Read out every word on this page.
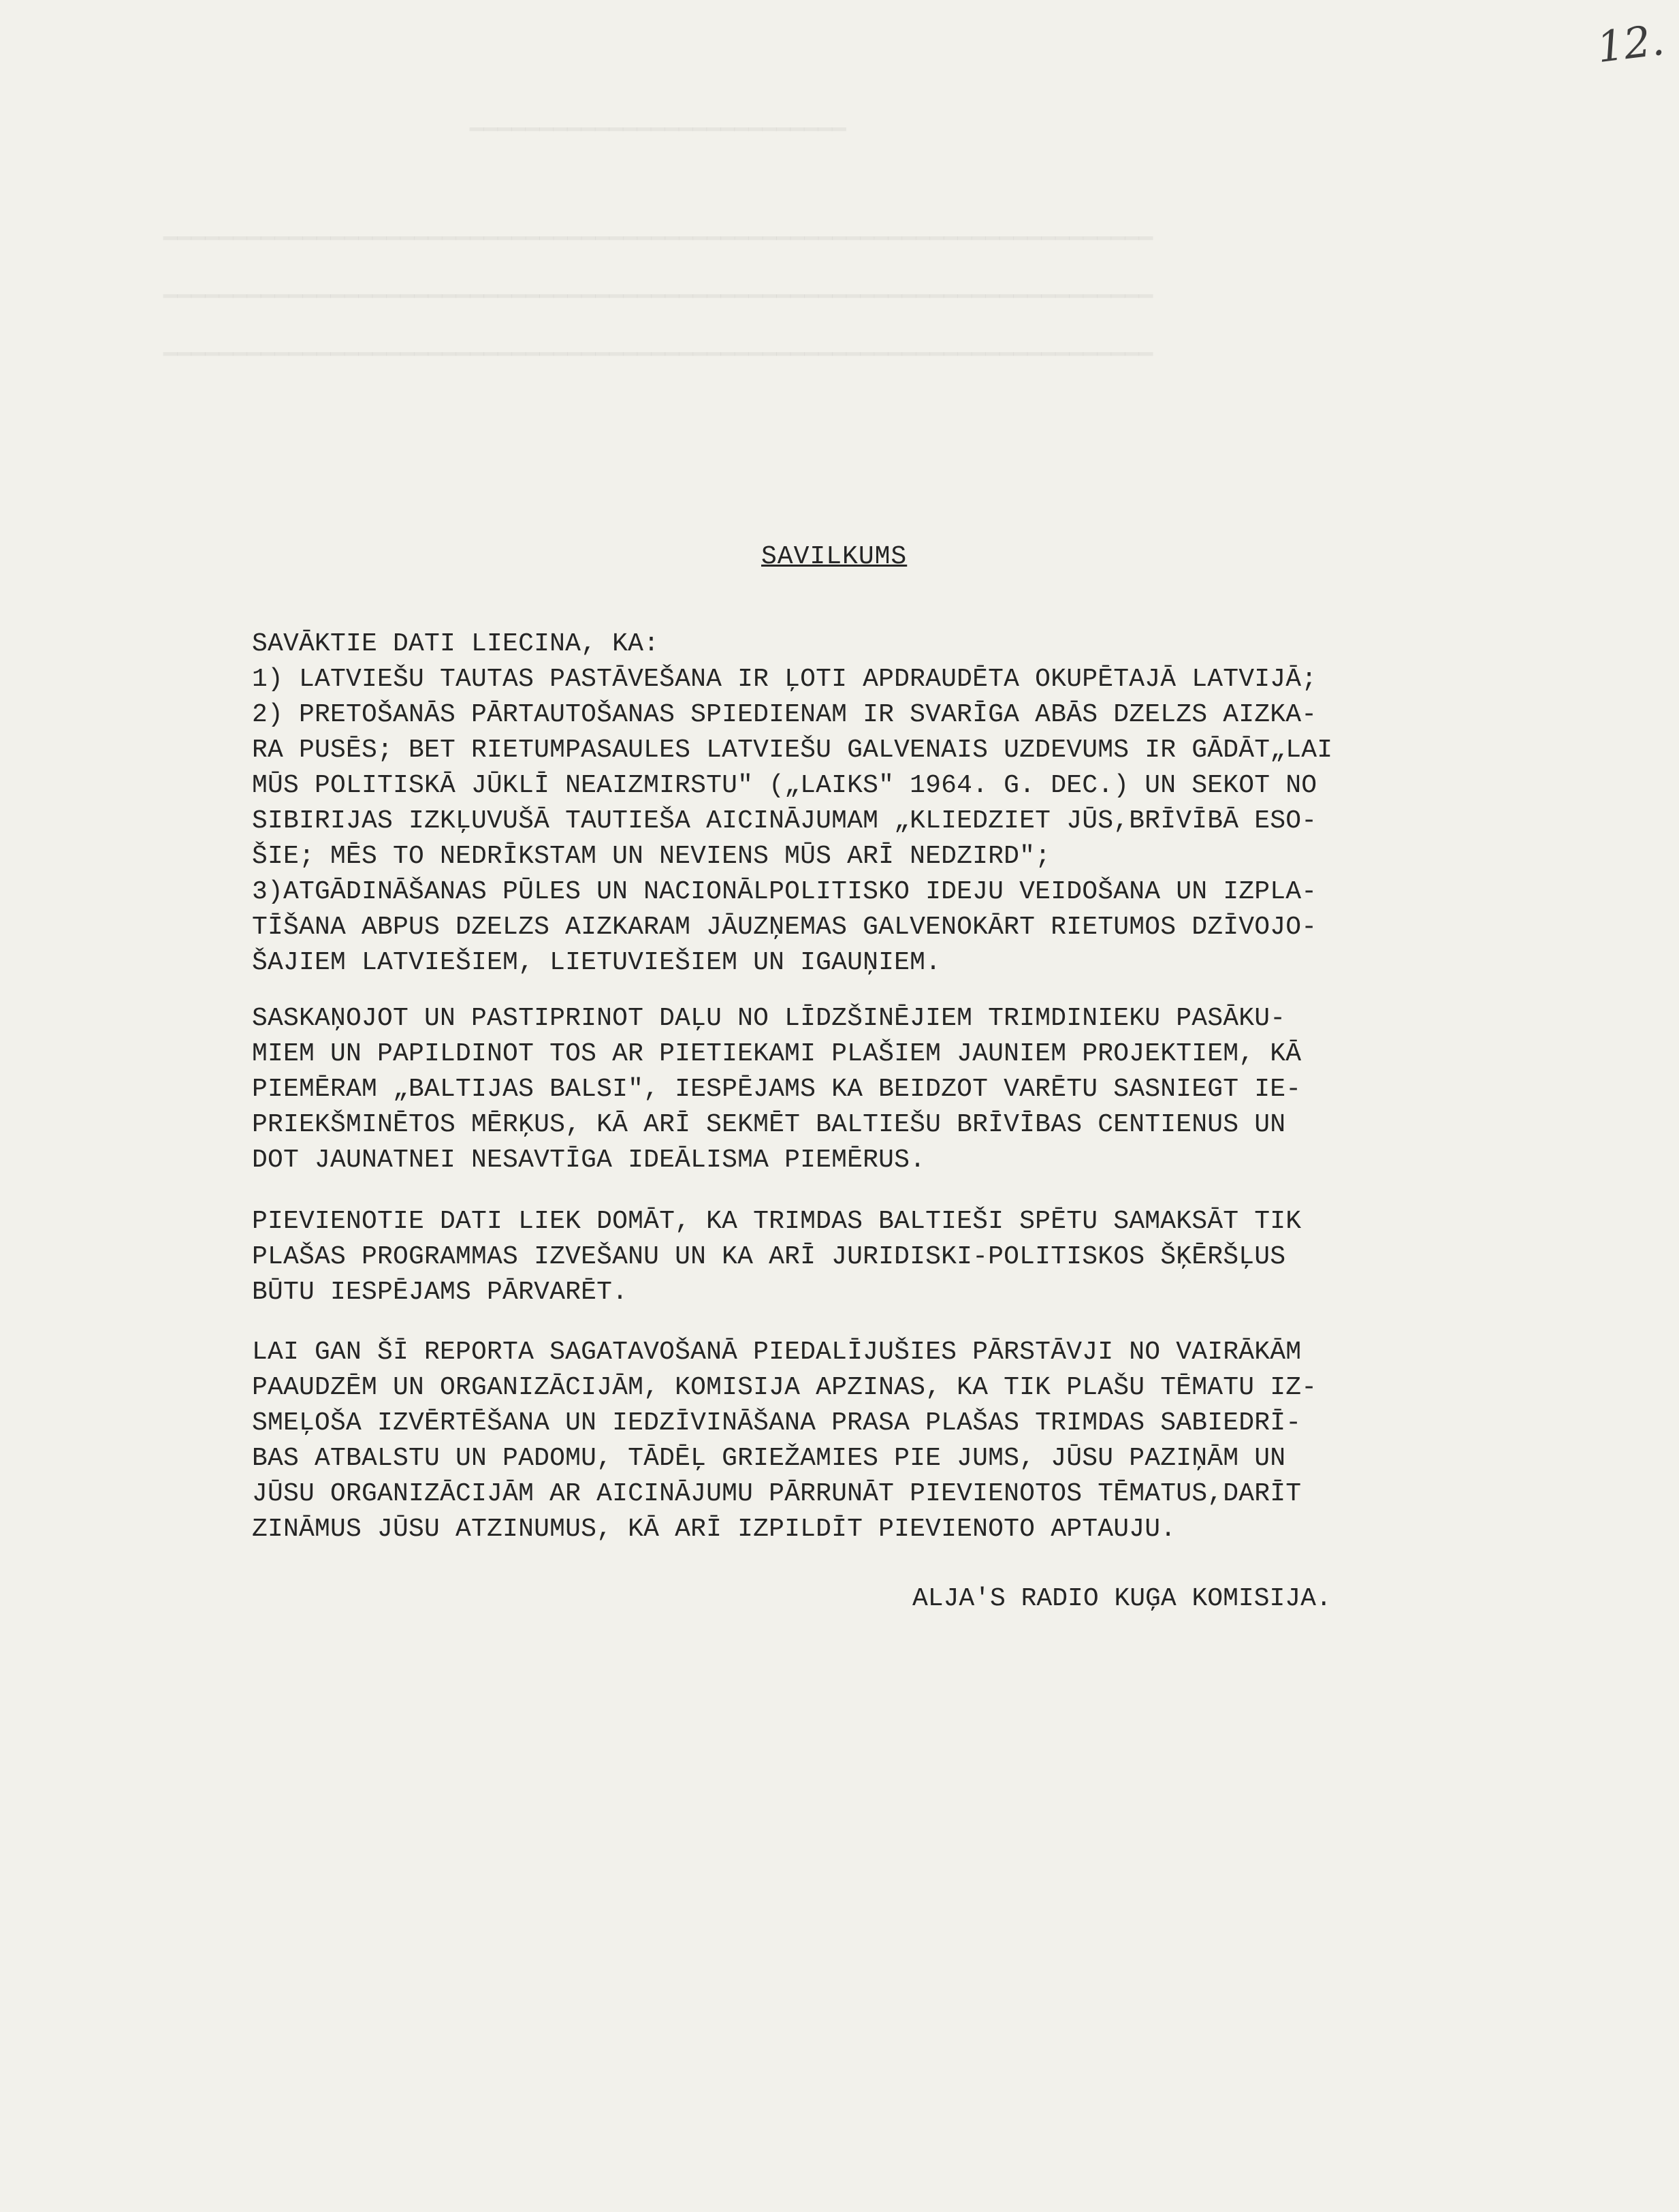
▔▔▔▔▔▔▔▔▔▔▔▔▔▔▔▔▔▔▔▔▔▔▔▔▔▔▔
▔▔▔▔▔▔▔▔▔▔▔▔▔▔▔▔▔▔▔▔▔▔▔▔▔▔▔▔▔▔▔▔▔▔▔▔▔▔▔▔▔▔▔▔▔▔▔▔▔▔▔▔▔▔▔▔▔▔▔▔▔▔▔▔▔▔▔▔▔▔▔
▔▔▔▔▔▔▔▔▔▔▔▔▔▔▔▔▔▔▔▔▔▔▔▔▔▔▔▔▔▔▔▔▔▔▔▔▔▔▔▔▔▔▔▔▔▔▔▔▔▔▔▔▔▔▔▔▔▔▔▔▔▔▔▔▔▔▔▔▔▔▔
▔▔▔▔▔▔▔▔▔▔▔▔▔▔▔▔▔▔▔▔▔▔▔▔▔▔▔▔▔▔▔▔▔▔▔▔▔▔▔▔▔▔▔▔▔▔▔▔▔▔▔▔▔▔▔▔▔▔▔▔▔▔▔▔▔▔▔▔▔▔▔
12.
SAVILKUMS
SAVĀKTIE DATI LIECINA, KA:
1) LATVIEŠU TAUTAS PASTĀVEŠANA IR ĻOTI APDRAUDĒTA OKUPĒTAJĀ LATVIJĀ;
2) PRETOŠANĀS PĀRTAUTOŠANAS SPIEDIENAM IR SVARĪGA ABĀS DZELZS AIZKA-
RA PUSĒS; BET RIETUMPASAULES LATVIEŠU GALVENAIS UZDEVUMS IR GĀDĀT„LAI
MŪS POLITISKĀ JŪKLĪ NEAIZMIRSTU" („LAIKS" 1964. G. DEC.) UN SEKOT NO
SIBIRIJAS IZKĻUVUŠĀ TAUTIEŠA AICINĀJUMAM „KLIEDZIET JŪS,BRĪVĪBĀ ESO-
ŠIE; MĒS TO NEDRĪKSTAM UN NEVIENS MŪS ARĪ NEDZIRD";
3)ATGĀDINĀŠANAS PŪLES UN NACIONĀLPOLITISKO IDEJU VEIDOŠANA UN IZPLA-
TĪŠANA ABPUS DZELZS AIZKARAM JĀUZŅEMAS GALVENOKĀRT RIETUMOS DZĪVOJO-
ŠAJIEM LATVIEŠIEM, LIETUVIEŠIEM UN IGAUŅIEM.
SASKAŅOJOT UN PASTIPRINOT DAĻU NO LĪDZŠINĒJIEM TRIMDINIEKU PASĀKU-
MIEM UN PAPILDINOT TOS AR PIETIEKAMI PLAŠIEM JAUNIEM PROJEKTIEM, KĀ
PIEMĒRAM „BALTIJAS BALSI", IESPĒJAMS KA BEIDZOT VARĒTU SASNIEGT IE-
PRIEKŠMINĒTOS MĒRĶUS, KĀ ARĪ SEKMĒT BALTIEŠU BRĪVĪBAS CENTIENUS UN
DOT JAUNATNEI NESAVTĪGA IDEĀLISMA PIEMĒRUS.
PIEVIENOTIE DATI LIEK DOMĀT, KA TRIMDAS BALTIEŠI SPĒTU SAMAKSĀT TIK
PLAŠAS PROGRAMMAS IZVEŠANU UN KA ARĪ JURIDISKI-POLITISKOS ŠĶĒRŠĻUS
BŪTU IESPĒJAMS PĀRVARĒT.
LAI GAN ŠĪ REPORTA SAGATAVOŠANĀ PIEDALĪJUŠIES PĀRSTĀVJI NO VAIRĀKĀM
PAAUDZĒM UN ORGANIZĀCIJĀM, KOMISIJA APZINAS, KA TIK PLAŠU TĒMATU IZ-
SMEĻOŠA IZVĒRTĒŠANA UN IEDZĪVINĀŠANA PRASA PLAŠAS TRIMDAS SABIEDRĪ-
BAS ATBALSTU UN PADOMU, TĀDĒĻ GRIEŽAMIES PIE JUMS, JŪSU PAZIŅĀM UN
JŪSU ORGANIZĀCIJĀM AR AICINĀJUMU PĀRRUNĀT PIEVIENOTOS TĒMATUS,DARĪT
ZINĀMUS JŪSU ATZINUMUS, KĀ ARĪ IZPILDĪT PIEVIENOTO APTAUJU.
ALJA'S RADIO KUĢA KOMISIJA.
